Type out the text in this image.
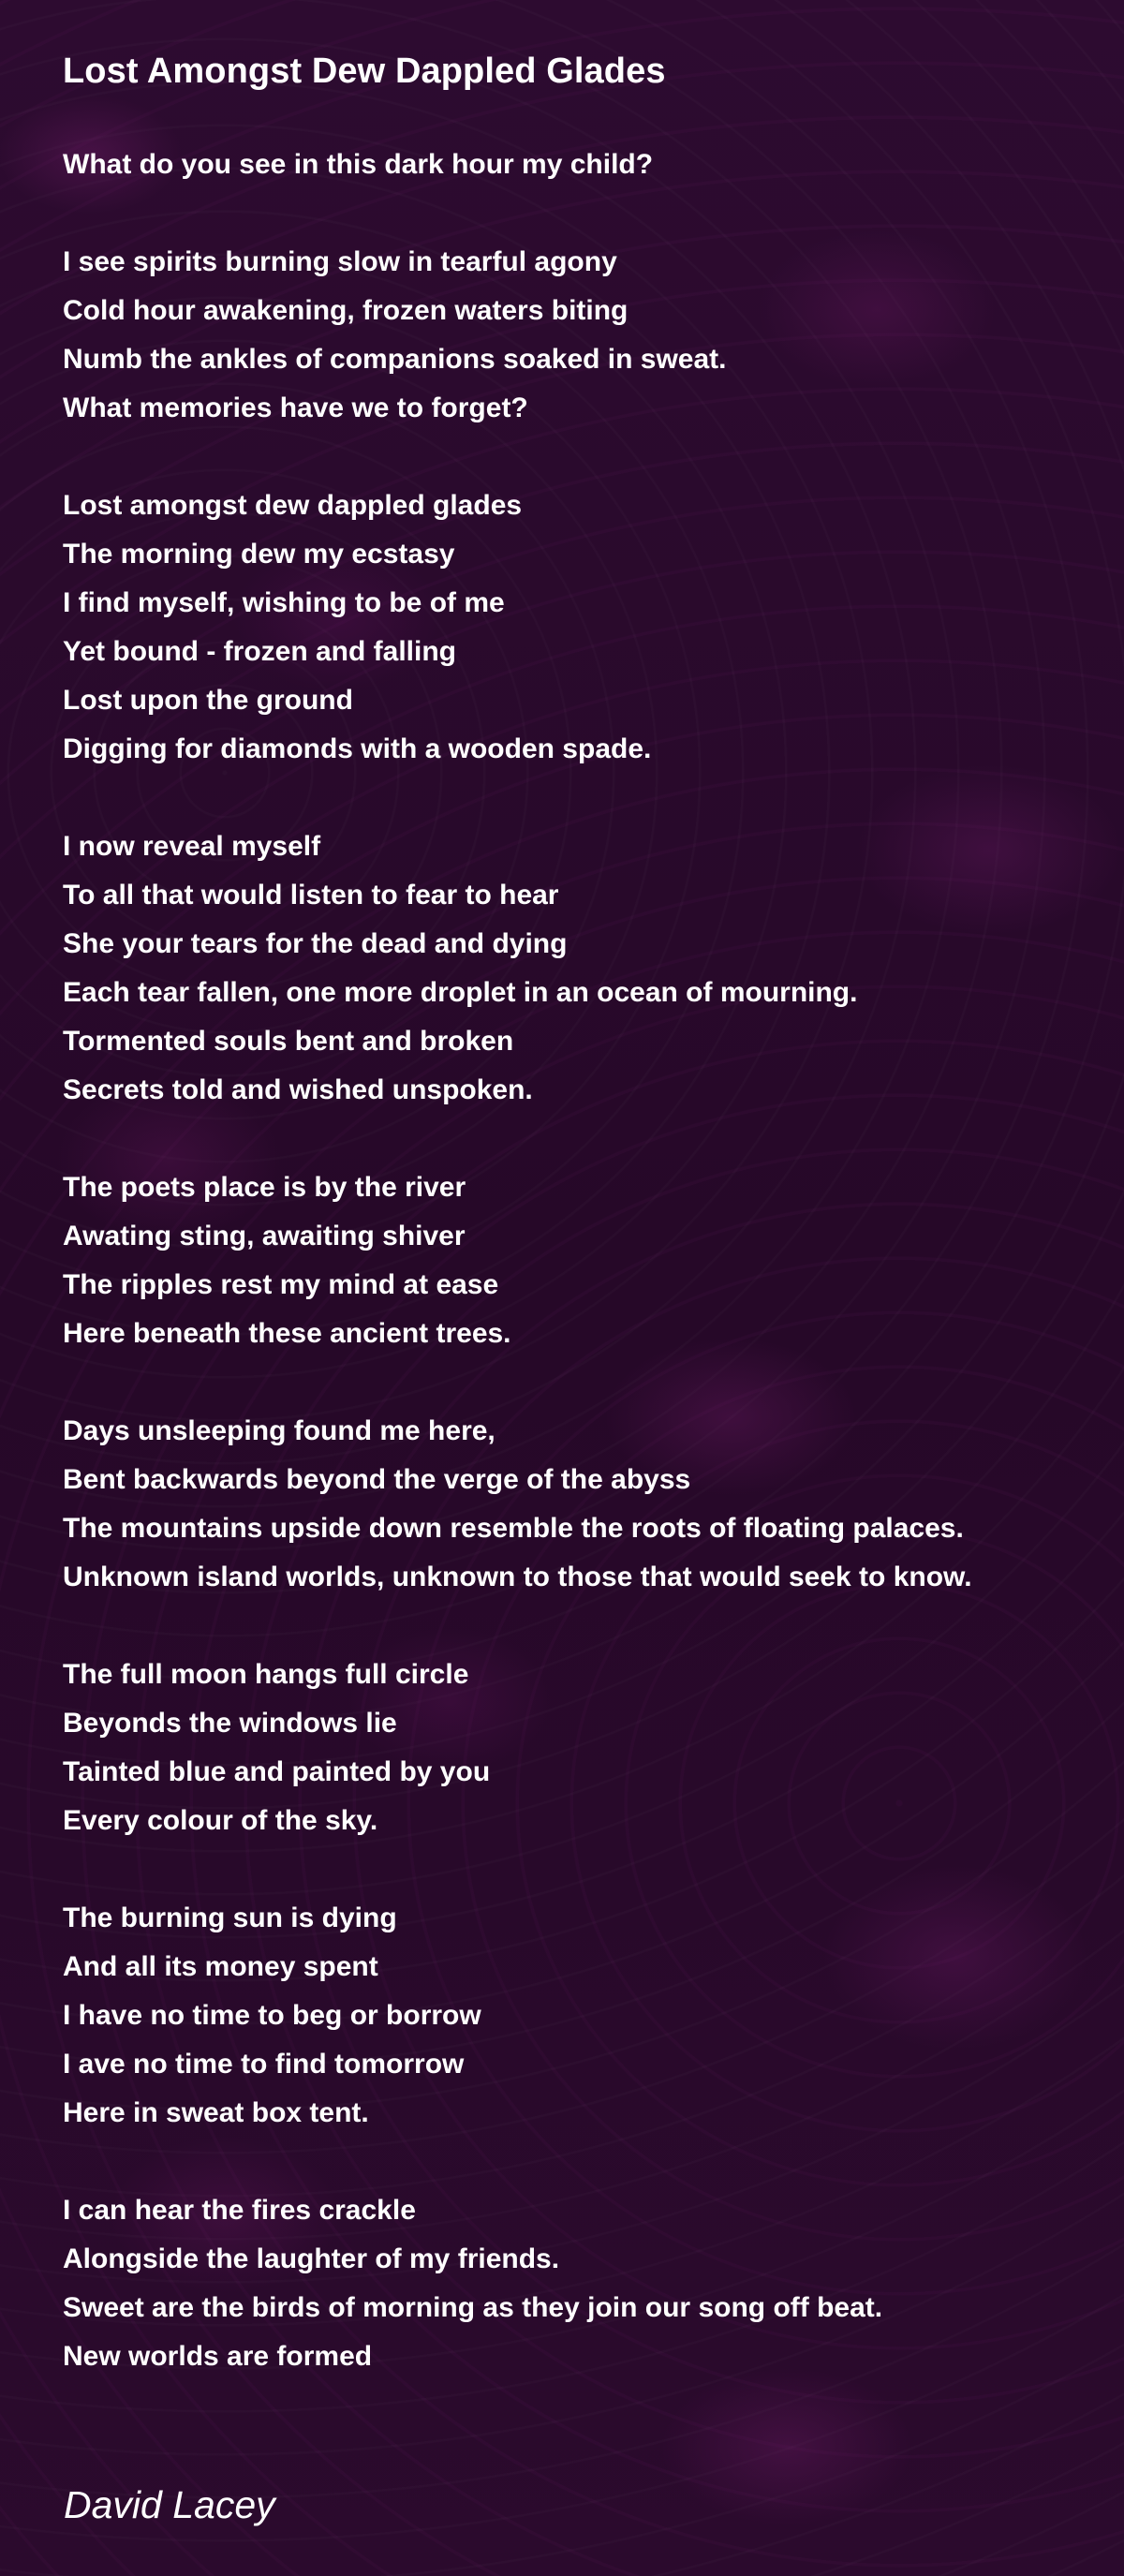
Lost Amongst Dew Dappled Glades
What do you see in this dark hour my child?
I see spirits burning slow in tearful agony
Cold hour awakening, frozen waters biting
Numb the ankles of companions soaked in sweat.
What memories have we to forget?
Lost amongst dew dappled glades
The morning dew my ecstasy
I find myself, wishing to be of me
Yet bound - frozen and falling
Lost upon the ground
Digging for diamonds with a wooden spade.
I now reveal myself
To all that would listen to fear to hear
She your tears for the dead and dying
Each tear fallen, one more droplet in an ocean of mourning.
Tormented souls bent and broken
Secrets told and wished unspoken.
The poets place is by the river
Awating sting, awaiting shiver
The ripples rest my mind at ease
Here beneath these ancient trees.
Days unsleeping found me here,
Bent backwards beyond the verge of the abyss
The mountains upside down resemble the roots of floating palaces.
Unknown island worlds, unknown to those that would seek to know.
The full moon hangs full circle
Beyonds the windows lie
Tainted blue and painted by you
Every colour of the sky.
The burning sun is dying
And all its money spent
I have no time to beg or borrow
I ave no time to find tomorrow
Here in sweat box tent.
I can hear the fires crackle
Alongside the laughter of my friends.
Sweet are the birds of morning as they join our song off beat.
New worlds are formed

David Lacey
